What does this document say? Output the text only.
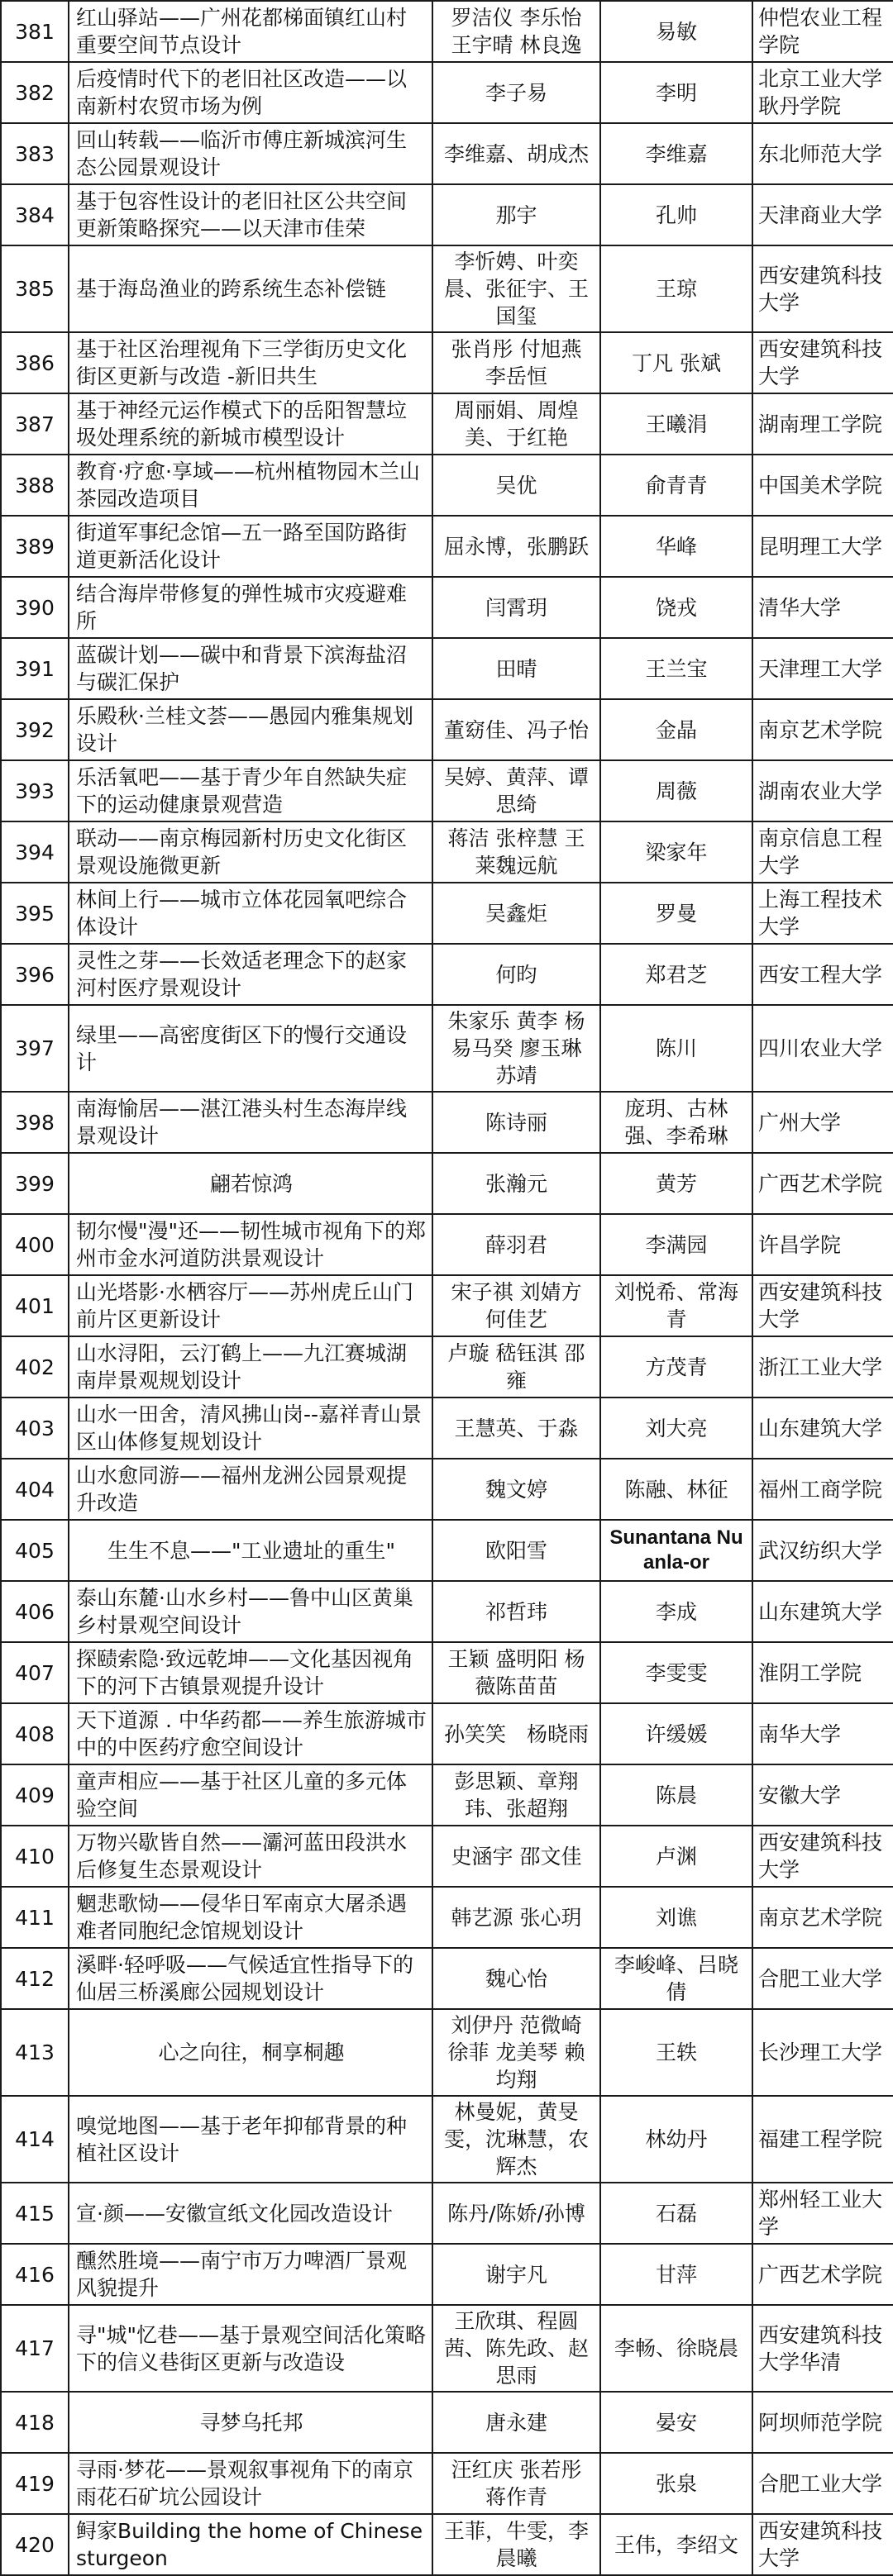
381	红山驿站——广州花都梯面镇红山村重要空间节点设计	罗洁仪 李乐怡 王宇晴 林良逸	易敏	仲恺农业工程学院
382	后疫情时代下的老旧社区改造——以南新村农贸市场为例	李子易	李明	北京工业大学耿丹学院
383	回山转载——临沂市傅庄新城滨河生态公园景观设计	李维嘉、胡成杰	李维嘉	东北师范大学
384	基于包容性设计的老旧社区公共空间更新策略探究——以天津市佳荣	那宇	孔帅	天津商业大学
385	基于海岛渔业的跨系统生态补偿链	李忻娉、叶奕晨、张征宇、王国玺	王琼	西安建筑科技大学
386	基于社区治理视角下三学街历史文化街区更新与改造 -新旧共生	张肖彤 付旭燕 李岳恒	丁凡 张斌	西安建筑科技大学
387	基于神经元运作模式下的岳阳智慧垃圾处理系统的新城市模型设计	周丽娟、周煌美、于红艳	王曦涓	湖南理工学院
388	教育·疗愈·享域——杭州植物园木兰山茶园改造项目	吴优	俞青青	中国美术学院
389	街道军事纪念馆—五一路至国防路街道更新活化设计	屈永博，张鹏跃	华峰	昆明理工大学
390	结合海岸带修复的弹性城市灾疫避难所	闫霄玥	饶戎	清华大学
391	蓝碳计划——碳中和背景下滨海盐沼与碳汇保护	田晴	王兰宝	天津理工大学
392	乐殿秋·兰桂文荟——愚园内雅集规划设计	董窈佳、冯子怡	金晶	南京艺术学院
393	乐活氧吧——基于青少年自然缺失症下的运动健康景观营造	吴婷、黄萍、谭思绮	周薇	湖南农业大学
394	联动——南京梅园新村历史文化街区景观设施微更新	蒋洁 张梓慧 王莱魏远航	梁家年	南京信息工程大学
395	林间上行——城市立体花园氧吧综合体设计	吴鑫炬	罗曼	上海工程技术大学
396	灵性之芽——长效适老理念下的赵家河村医疗景观设计	何昀	郑君芝	西安工程大学
397	绿里——高密度街区下的慢行交通设计	朱家乐 黄李 杨易马癸 廖玉琳 苏靖	陈川	四川农业大学
398	南海愉居——湛江港头村生态海岸线景观设计	陈诗丽	庞玥、古林强、李希琳	广州大学
399	翩若惊鸿	张瀚元	黄芳	广西艺术学院
400	韧尔慢"漫"还——韧性城市视角下的郑州市金水河道防洪景观设计	薛羽君	李满园	许昌学院
401	山光塔影·水栖容厅——苏州虎丘山门前片区更新设计	宋子祺 刘婧方 何佳艺	刘悦希、常海青	西安建筑科技大学
402	山水浔阳，云汀鹤上——九江赛城湖南岸景观规划设计	卢璇 嵇钰淇 邵雍	方茂青	浙江工业大学
403	山水一田舍，清风拂山岗--嘉祥青山景区山体修复规划设计	王慧英、于淼	刘大亮	山东建筑大学
404	山水愈同游——福州龙洲公园景观提升改造	魏文婷	陈融、林征	福州工商学院
405	生生不息——"工业遗址的重生"	欧阳雪	Sunantana Nuanla-or	武汉纺织大学
406	泰山东麓·山水乡村——鲁中山区黄巢乡村景观空间设计	祁哲玮	李成	山东建筑大学
407	探赜索隐·致远乾坤——文化基因视角下的河下古镇景观提升设计	王颖 盛明阳 杨薇陈苗苗	李雯雯	淮阴工学院
408	天下道源 . 中华药都——养生旅游城市中的中医药疗愈空间设计	孙笑笑　杨晓雨	许缓媛	南华大学
409	童声相应——基于社区儿童的多元体验空间	彭思颖、章翔玮、张超翔	陈晨	安徽大学
410	万物兴歇皆自然——灞河蓝田段洪水后修复生态景观设计	史涵宇 邵文佳	卢渊	西安建筑科技大学
411	魍悲歌恸——侵华日军南京大屠杀遇难者同胞纪念馆规划设计	韩艺源 张心玥	刘谯	南京艺术学院
412	溪畔·轻呼吸——气候适宜性指导下的仙居三桥溪廊公园规划设计	魏心怡	李峻峰、吕晓倩	合肥工业大学
413	心之向往，桐享桐趣	刘伊丹 范微崎 徐菲 龙美琴 赖均翔	王轶	长沙理工大学
414	嗅觉地图——基于老年抑郁背景的种植社区设计	林曼妮，黄旻雯，沈琳慧，农辉杰	林幼丹	福建工程学院
415	宣·颜——安徽宣纸文化园改造设计	陈丹/陈娇/孙博	石磊	郑州轻工业大学
416	醺然胜境——南宁市万力啤酒厂景观风貌提升	谢宇凡	甘萍	广西艺术学院
417	寻"城"忆巷——基于景观空间活化策略下的信义巷街区更新与改造设	王欣琪、程圆茜、陈先政、赵思雨	李畅、徐晓晨	西安建筑科技大学华清
418	寻梦乌托邦	唐永建	晏安	阿坝师范学院
419	寻雨·梦花——景观叙事视角下的南京雨花石矿坑公园设计	汪红庆 张若彤 蒋作青	张泉	合肥工业大学
420	鲟家Building the home of Chinese sturgeon	王菲，牛雯，李晨曦	王伟，李绍文	西安建筑科技大学
